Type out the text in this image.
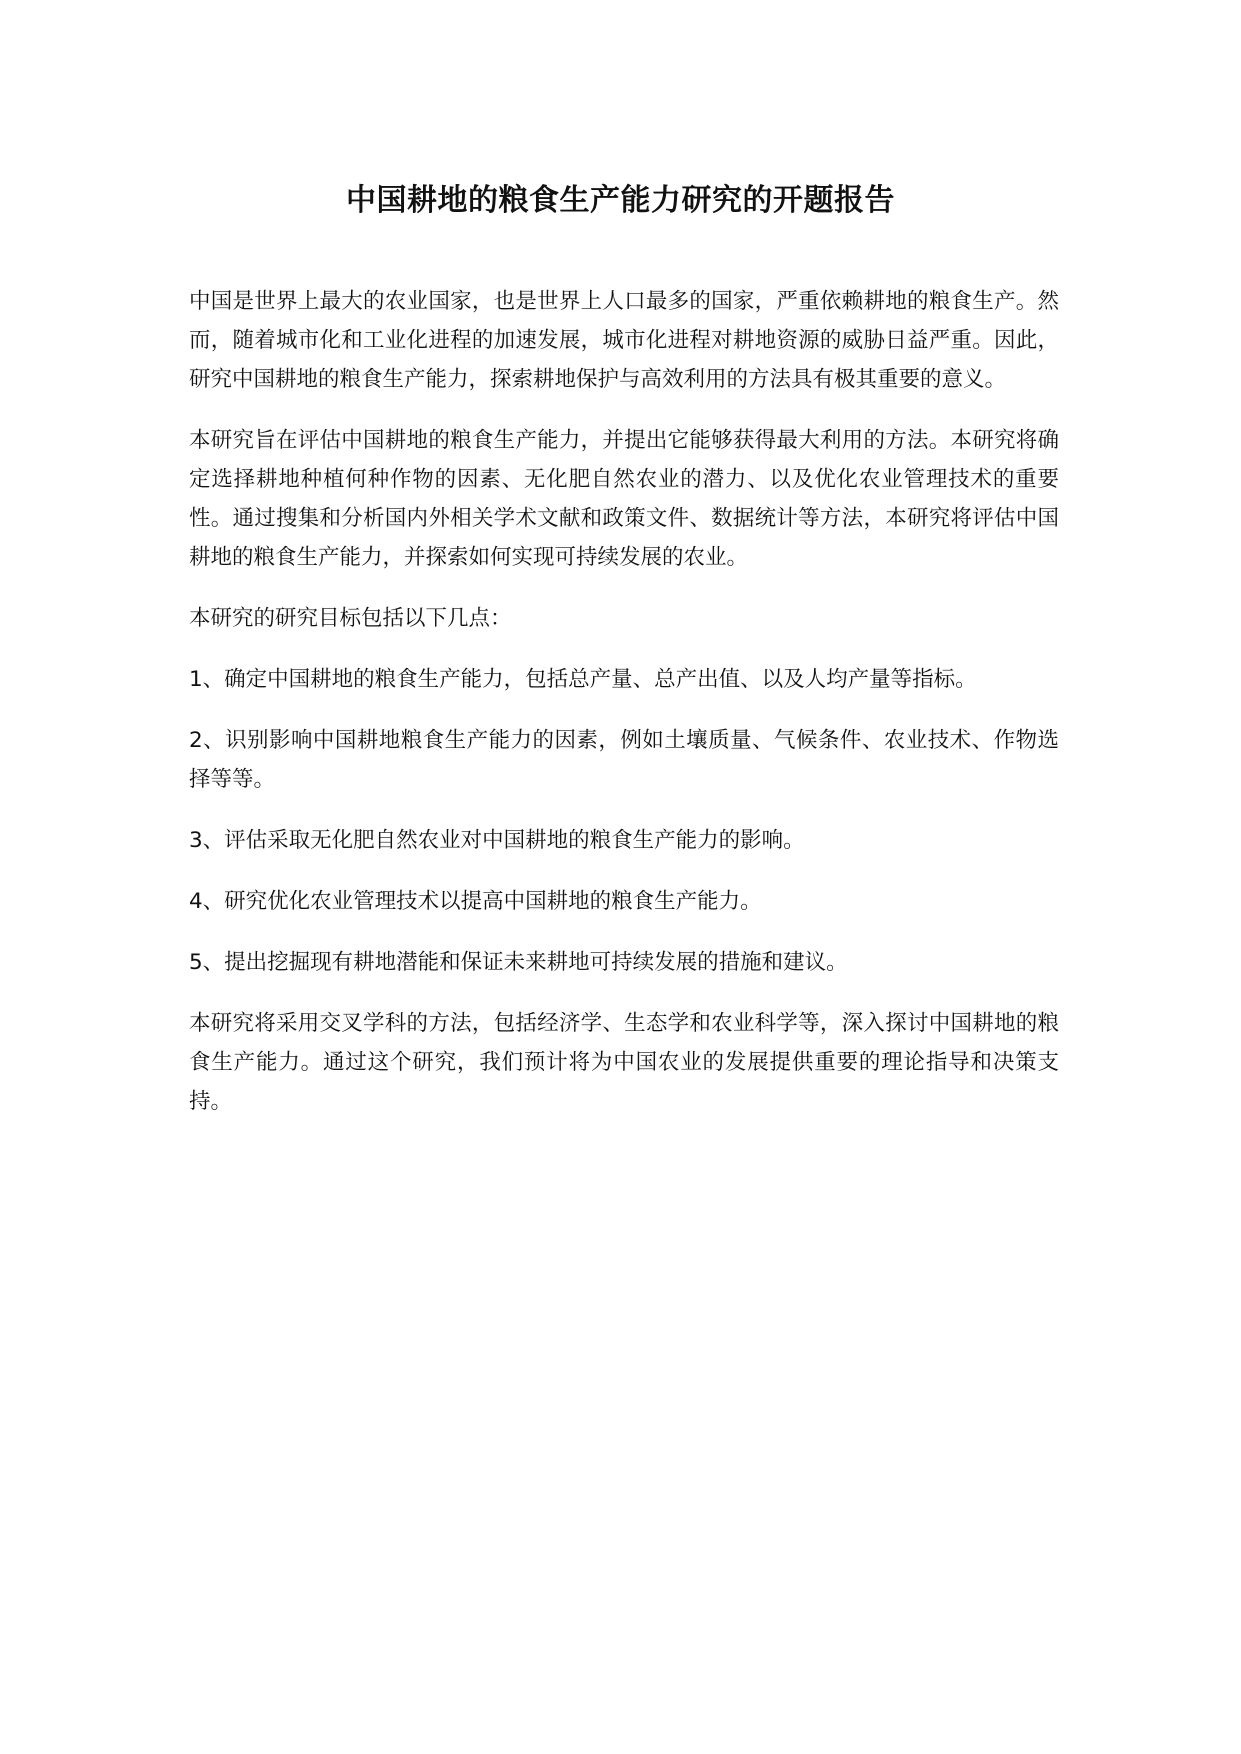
中国耕地的粮食生产能力研究的开题报告

中国是世界上最大的农业国家，也是世界上人口最多的国家，严重依赖耕地的粮食生产。然而，随着城市化和工业化进程的加速发展，城市化进程对耕地资源的威胁日益严重。因此，研究中国耕地的粮食生产能力，探索耕地保护与高效利用的方法具有极其重要的意义。

本研究旨在评估中国耕地的粮食生产能力，并提出它能够获得最大利用的方法。本研究将确定选择耕地种植何种作物的因素、无化肥自然农业的潜力、以及优化农业管理技术的重要性。通过搜集和分析国内外相关学术文献和政策文件、数据统计等方法，本研究将评估中国耕地的粮食生产能力，并探索如何实现可持续发展的农业。

本研究的研究目标包括以下几点：

1、确定中国耕地的粮食生产能力，包括总产量、总产出值、以及人均产量等指标。

2、识别影响中国耕地粮食生产能力的因素，例如土壤质量、气候条件、农业技术、作物选择等等。

3、评估采取无化肥自然农业对中国耕地的粮食生产能力的影响。

4、研究优化农业管理技术以提高中国耕地的粮食生产能力。

5、提出挖掘现有耕地潜能和保证未来耕地可持续发展的措施和建议。

本研究将采用交叉学科的方法，包括经济学、生态学和农业科学等，深入探讨中国耕地的粮食生产能力。通过这个研究，我们预计将为中国农业的发展提供重要的理论指导和决策支持。
